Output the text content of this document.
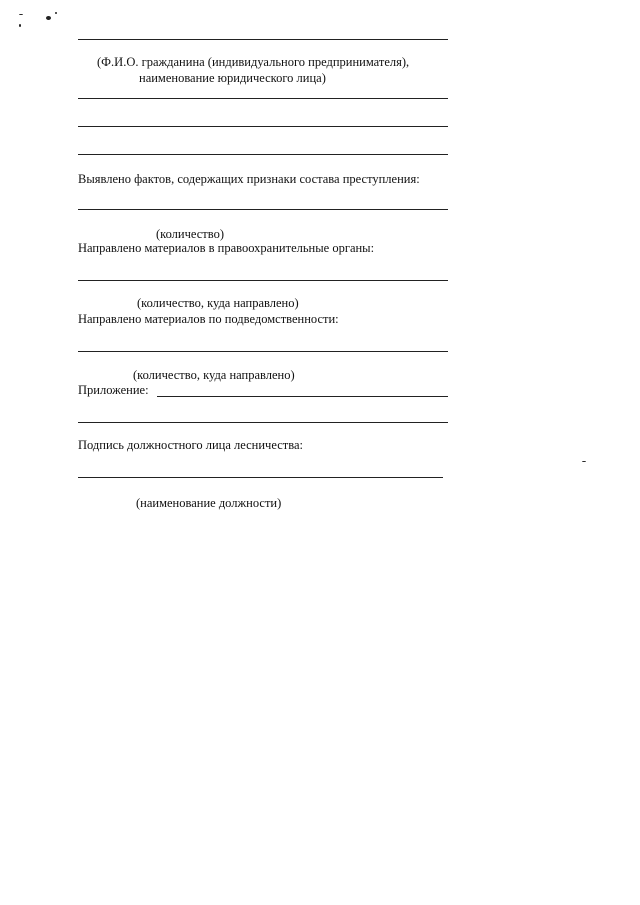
(Ф.И.О. гражданина (индивидуального предпринимателя),
наименование юридического лица)
Выявлено фактов, содержащих признаки состава преступления:
(количество)
Направлено материалов в правоохранительные органы:
(количество, куда направлено)
Направлено материалов по подведомственности:
(количество, куда направлено)
Приложение:
Подпись должностного лица лесничества:
(наименование должности)
